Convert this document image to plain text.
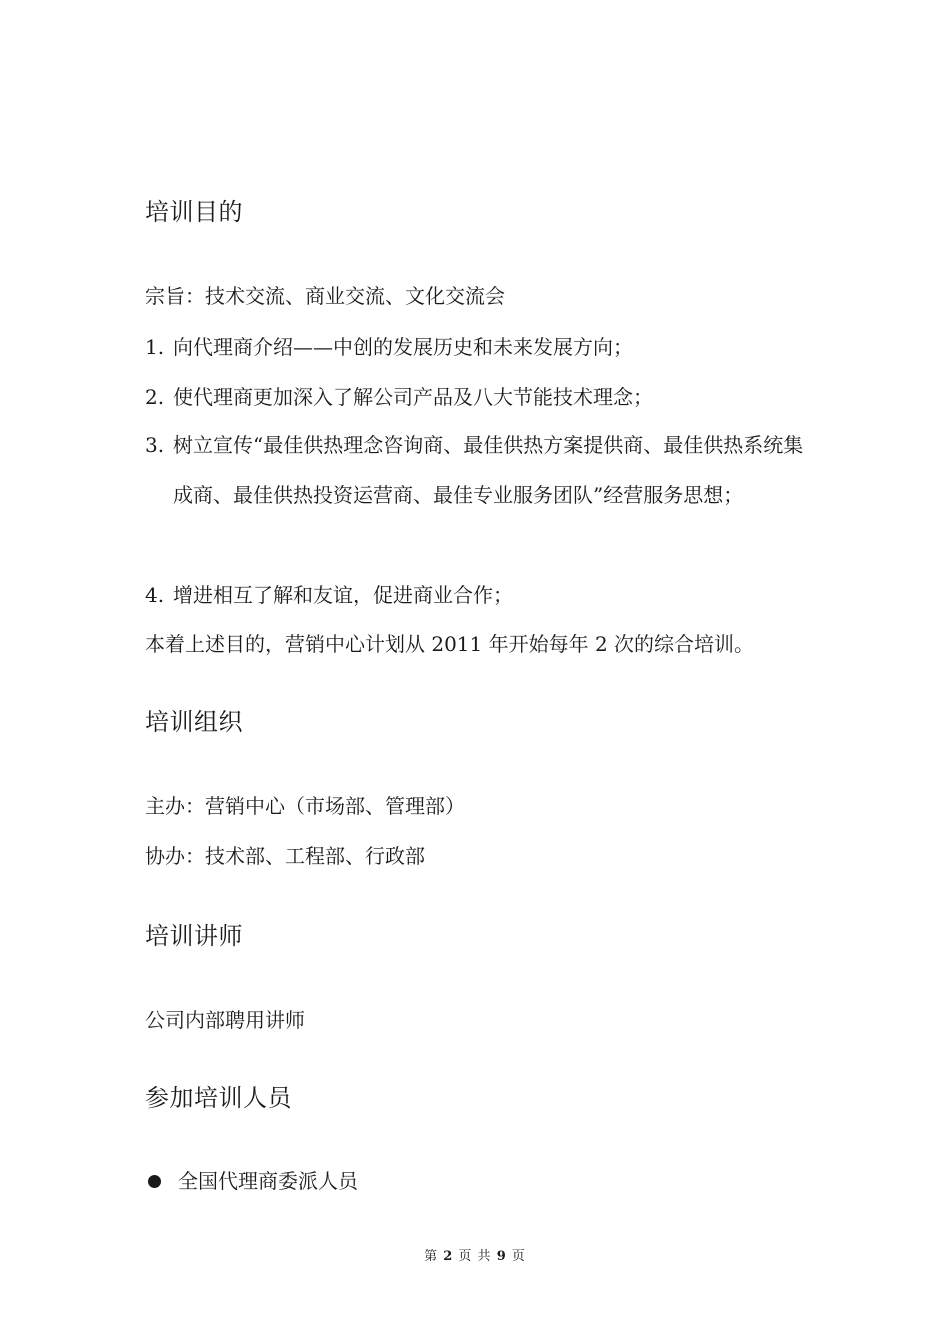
培训目的

宗旨：技术交流、商业交流、文化交流会

1. 向代理商介绍——中创的发展历史和未来发展方向；
2. 使代理商更加深入了解公司产品及八大节能技术理念；
3. 树立宣传“最佳供热理念咨询商、最佳供热方案提供商、最佳供热系统集成商、最佳供热投资运营商、最佳专业服务团队”经营服务思想；
4. 增进相互了解和友谊，促进商业合作；

本着上述目的，营销中心计划从 2011 年开始每年 2 次的综合培训。

培训组织

主办：营销中心（市场部、管理部）

协办：技术部、工程部、行政部

培训讲师

公司内部聘用讲师

参加培训人员
全国代理商委派人员
第 2 页 共 9 页
